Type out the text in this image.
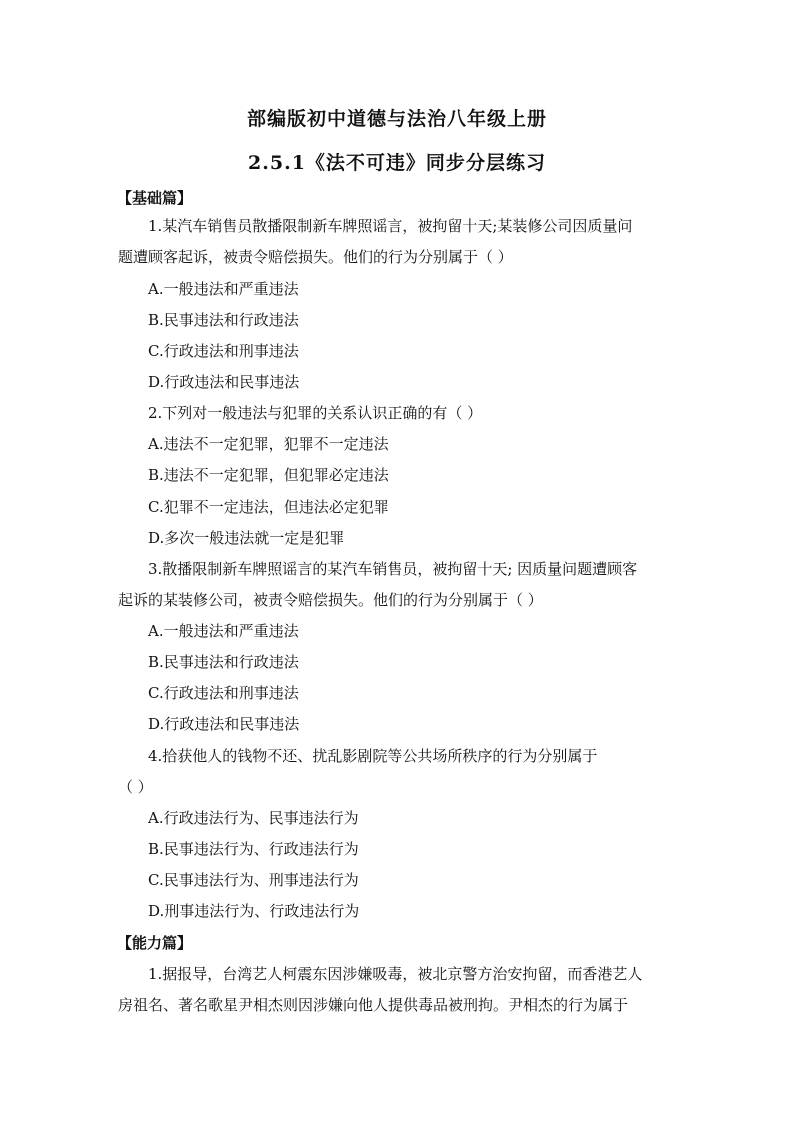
部编版初中道德与法治八年级上册
2.5.1《法不可违》同步分层练习
【基础篇】
1.某汽车销售员散播限制新车牌照谣言，被拘留十天;某装修公司因质量问
题遭顾客起诉，被责令赔偿损失。他们的行为分别属于（ ）
A.一般违法和严重违法
B.民事违法和行政违法
C.行政违法和刑事违法
D.行政违法和民事违法
2.下列对一般违法与犯罪的关系认识正确的有（ ）
A.违法不一定犯罪，犯罪不一定违法
B.违法不一定犯罪，但犯罪必定违法
C.犯罪不一定违法，但违法必定犯罪
D.多次一般违法就一定是犯罪
3.散播限制新车牌照谣言的某汽车销售员，被拘留十天; 因质量问题遭顾客
起诉的某装修公司，被责令赔偿损失。他们的行为分别属于（ ）
A.一般违法和严重违法
B.民事违法和行政违法
C.行政违法和刑事违法
D.行政违法和民事违法
4.拾获他人的钱物不还、扰乱影剧院等公共场所秩序的行为分别属于
（ ）
A.行政违法行为、民事违法行为
B.民事违法行为、行政违法行为
C.民事违法行为、刑事违法行为
D.刑事违法行为、行政违法行为
【能力篇】
1.据报导，台湾艺人柯震东因涉嫌吸毒，被北京警方治安拘留，而香港艺人
房祖名、著名歌星尹相杰则因涉嫌向他人提供毒品被刑拘。尹相杰的行为属于
